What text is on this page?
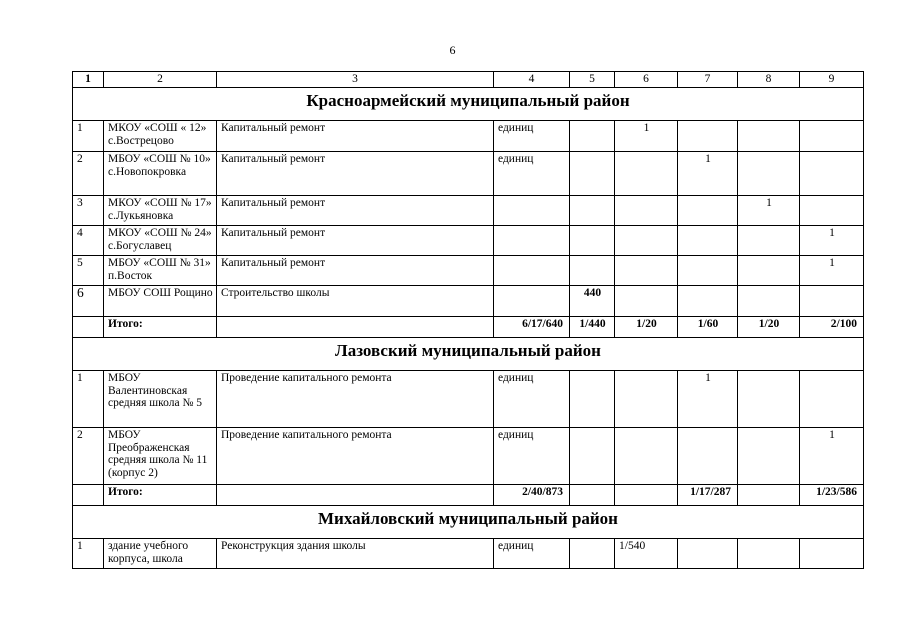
6
1	2	3	4	5	6	7	8	9
Красноармейский муниципальный район								
1	МКОУ «СОШ « 12» с.Вострецово	Капитальный ремонт	единиц		1			
2	МБОУ «СОШ № 10» с.Новопокровка	Капитальный ремонт	единиц			1		
3	МКОУ «СОШ № 17» с.Лукьяновка	Капитальный ремонт					1	
4	МКОУ «СОШ № 24» с.Богуславец	Капитальный ремонт						1
5	МБОУ «СОШ № 31» п.Восток	Капитальный ремонт						1
6	МБОУ СОШ Рощино	Строительство школы		440				
	Итого:		6/17/640	1/440	1/20	1/60	1/20	2/100
Лазовский муниципальный район								
1	МБОУ Валентиновская средняя школа № 5	Проведение капитального ремонта	единиц			1		
2	МБОУ Преображенская средняя школа № 11 (корпус 2)	Проведение капитального ремонта	единиц					1
	Итого:		2/40/873			1/17/287		1/23/586
Михайловский муниципальный район								
1	здание учебного корпуса, школа	Реконструкция здания школы	единиц		1/540			
